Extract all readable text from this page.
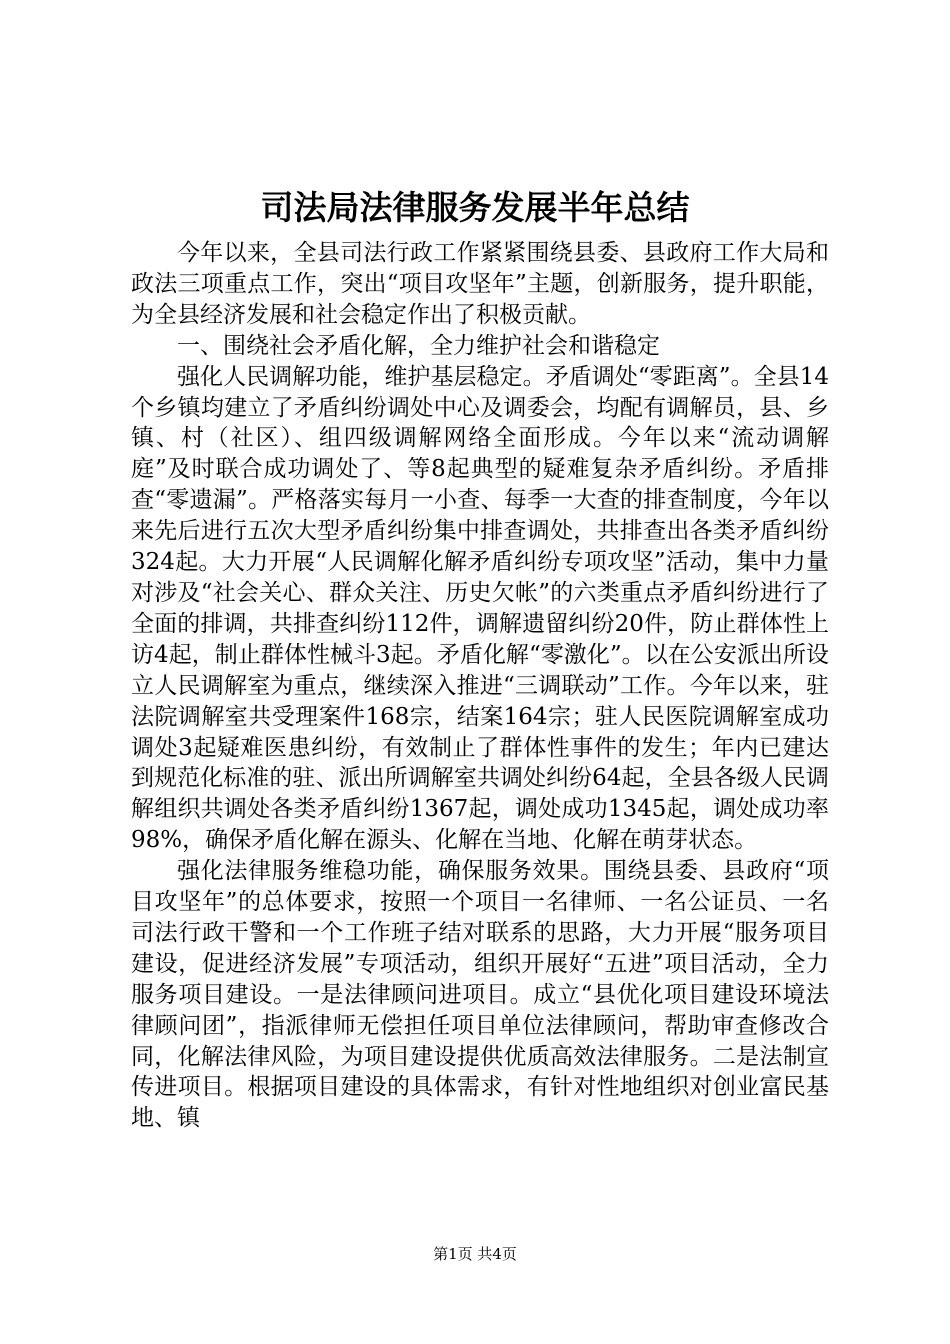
司法局法律服务发展半年总结

今年以来，全县司法行政工作紧紧围绕县委、县政府工作大局和政法三项重点工作，突出“项目攻坚年”主题，创新服务，提升职能，为全县经济发展和社会稳定作出了积极贡献。

一、围绕社会矛盾化解，全力维护社会和谐稳定

强化人民调解功能，维护基层稳定。矛盾调处“零距离”。全县14个乡镇均建立了矛盾纠纷调处中心及调委会，均配有调解员，县、乡镇、村（社区）、组四级调解网络全面形成。今年以来“流动调解庭”及时联合成功调处了、等8起典型的疑难复杂矛盾纠纷。矛盾排查“零遗漏”。严格落实每月一小查、每季一大查的排查制度，今年以来先后进行五次大型矛盾纠纷集中排查调处，共排查出各类矛盾纠纷324起。大力开展“人民调解化解矛盾纠纷专项攻坚”活动，集中力量对涉及“社会关心、群众关注、历史欠帐”的六类重点矛盾纠纷进行了全面的排调，共排查纠纷112件，调解遗留纠纷20件，防止群体性上访4起，制止群体性械斗3起。矛盾化解“零激化”。以在公安派出所设立人民调解室为重点，继续深入推进“三调联动”工作。今年以来，驻法院调解室共受理案件168宗，结案164宗；驻人民医院调解室成功调处3起疑难医患纠纷，有效制止了群体性事件的发生；年内已建达到规范化标准的驻、派出所调解室共调处纠纷64起，全县各级人民调解组织共调处各类矛盾纠纷1367起，调处成功1345起，调处成功率98%，确保矛盾化解在源头、化解在当地、化解在萌芽状态。

强化法律服务维稳功能，确保服务效果。围绕县委、县政府“项目攻坚年”的总体要求，按照一个项目一名律师、一名公证员、一名司法行政干警和一个工作班子结对联系的思路，大力开展“服务项目建设，促进经济发展”专项活动，组织开展好“五进”项目活动，全力服务项目建设。一是法律顾问进项目。成立“县优化项目建设环境法律顾问团”，指派律师无偿担任项目单位法律顾问，帮助审查修改合同，化解法律风险，为项目建设提供优质高效法律服务。二是法制宣传进项目。根据项目建设的具体需求，有针对性地组织对创业富民基地、镇

第1页 共4页
